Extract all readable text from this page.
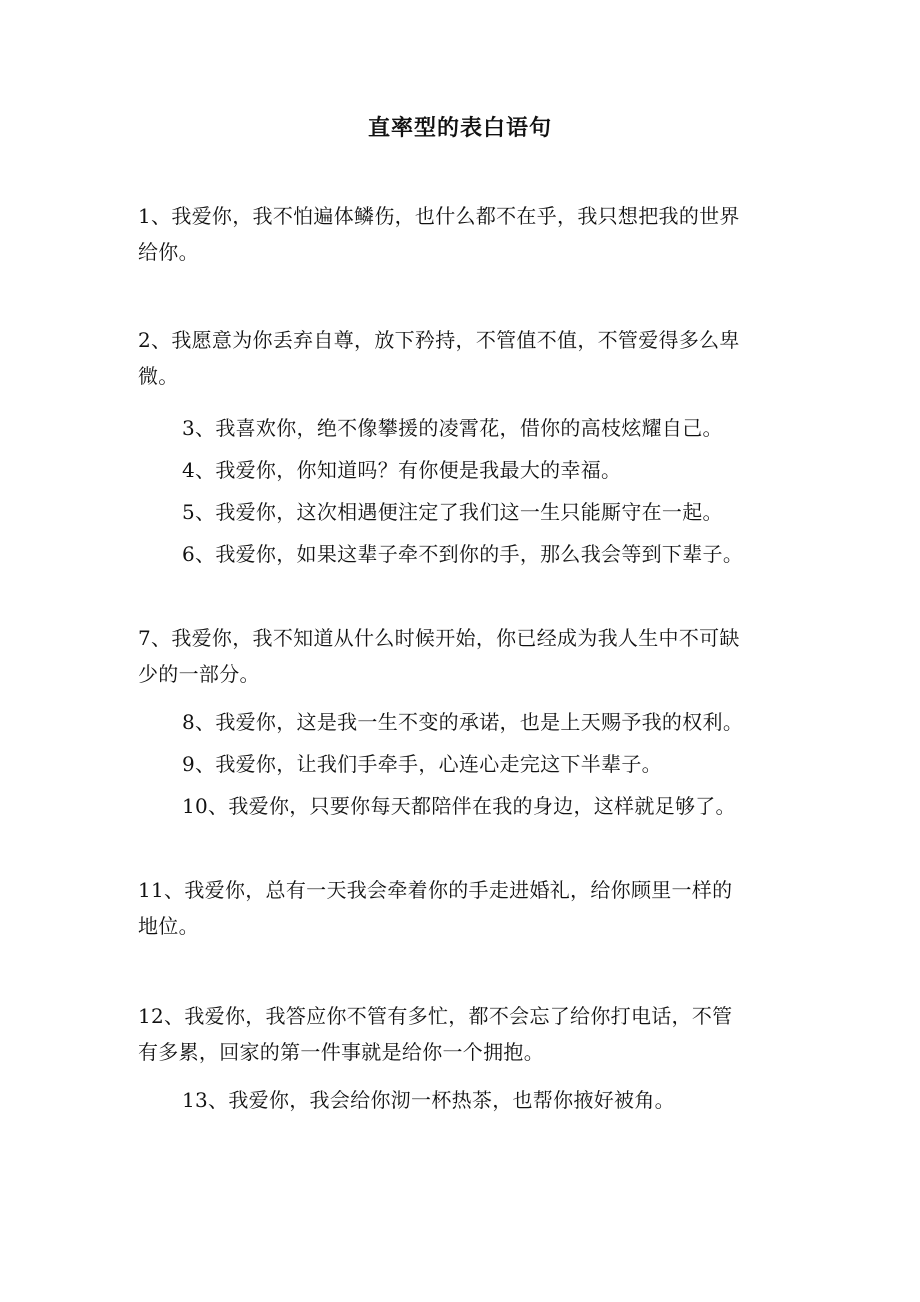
直率型的表白语句
1、我爱你，我不怕遍体鳞伤，也什么都不在乎，我只想把我的世界
给你。
2、我愿意为你丢弃自尊，放下矜持，不管值不值，不管爱得多么卑
微。
3、我喜欢你，绝不像攀援的凌霄花，借你的高枝炫耀自己。
4、我爱你，你知道吗？有你便是我最大的幸福。
5、我爱你，这次相遇便注定了我们这一生只能厮守在一起。
6、我爱你，如果这辈子牵不到你的手，那么我会等到下辈子。
7、我爱你，我不知道从什么时候开始，你已经成为我人生中不可缺
少的一部分。
8、我爱你，这是我一生不变的承诺，也是上天赐予我的权利。
9、我爱你，让我们手牵手，心连心走完这下半辈子。
10、我爱你，只要你每天都陪伴在我的身边，这样就足够了。
11、我爱你，总有一天我会牵着你的手走进婚礼，给你顾里一样的
地位。
12、我爱你，我答应你不管有多忙，都不会忘了给你打电话，不管
有多累，回家的第一件事就是给你一个拥抱。
13、我爱你，我会给你沏一杯热茶，也帮你掖好被角。
